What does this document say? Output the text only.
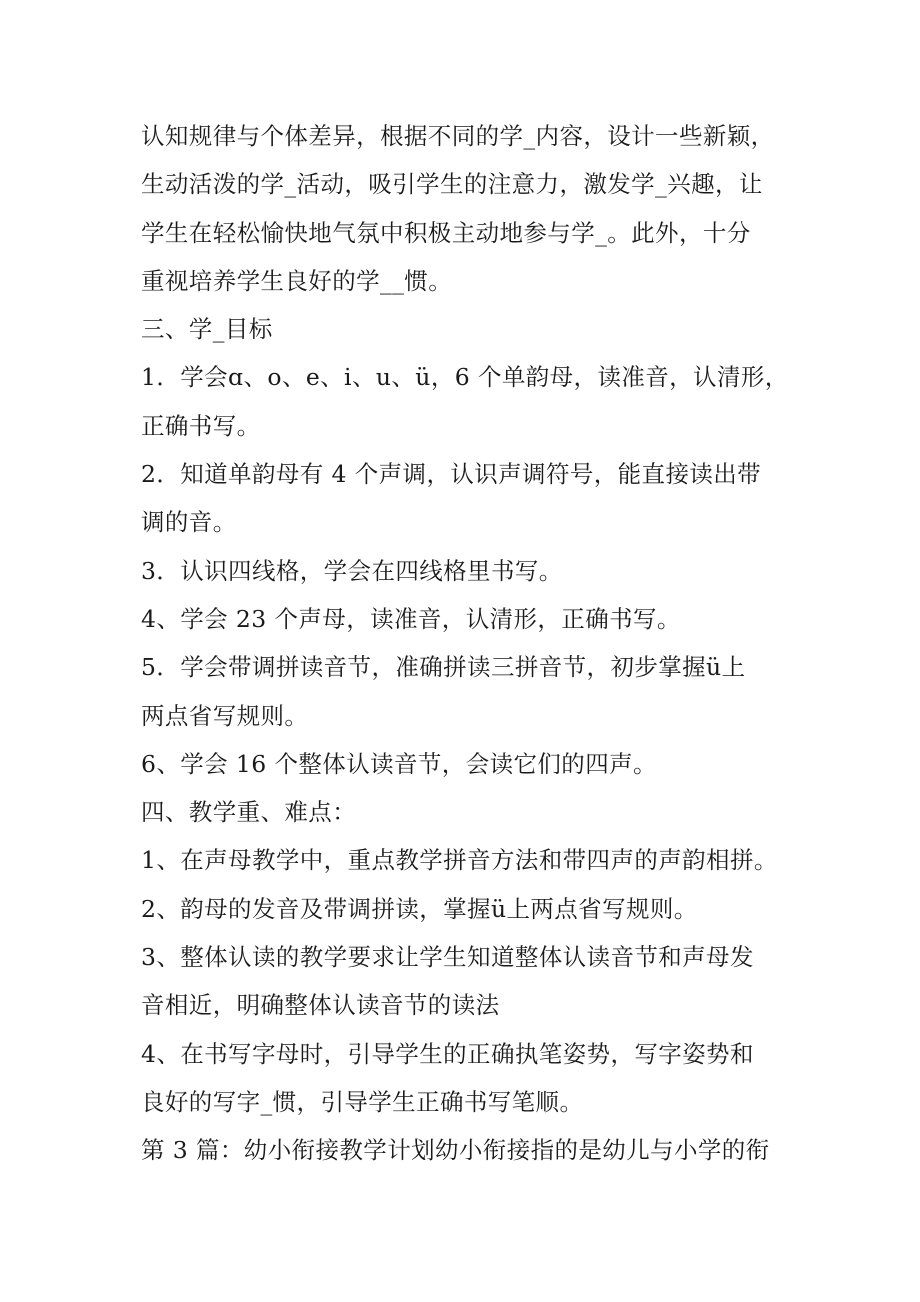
认知规律与个体差异，根据不同的学_内容，设计一些新颖，
生动活泼的学_活动，吸引学生的注意力，激发学_兴趣，让
学生在轻松愉快地气氛中积极主动地参与学_。此外，十分
重视培养学生良好的学__惯。
三、学_目标
1．学会ɑ、o、e、i、u、ü，6 个单韵母，读准音，认清形，
正确书写。
2．知道单韵母有 4 个声调，认识声调符号，能直接读出带
调的音。
3．认识四线格，学会在四线格里书写。
4、学会 23 个声母，读准音，认清形，正确书写。
5．学会带调拼读音节，准确拼读三拼音节，初步掌握ü上
两点省写规则。
6、学会 16 个整体认读音节，会读它们的四声。
四、教学重、难点：
1、在声母教学中，重点教学拼音方法和带四声的声韵相拼。
2、韵母的发音及带调拼读，掌握ü上两点省写规则。
3、整体认读的教学要求让学生知道整体认读音节和声母发
音相近，明确整体认读音节的读法
4、在书写字母时，引导学生的正确执笔姿势，写字姿势和
良好的写字_惯，引导学生正确书写笔顺。
第 3 篇：幼小衔接教学计划幼小衔接指的是幼儿与小学的衔
